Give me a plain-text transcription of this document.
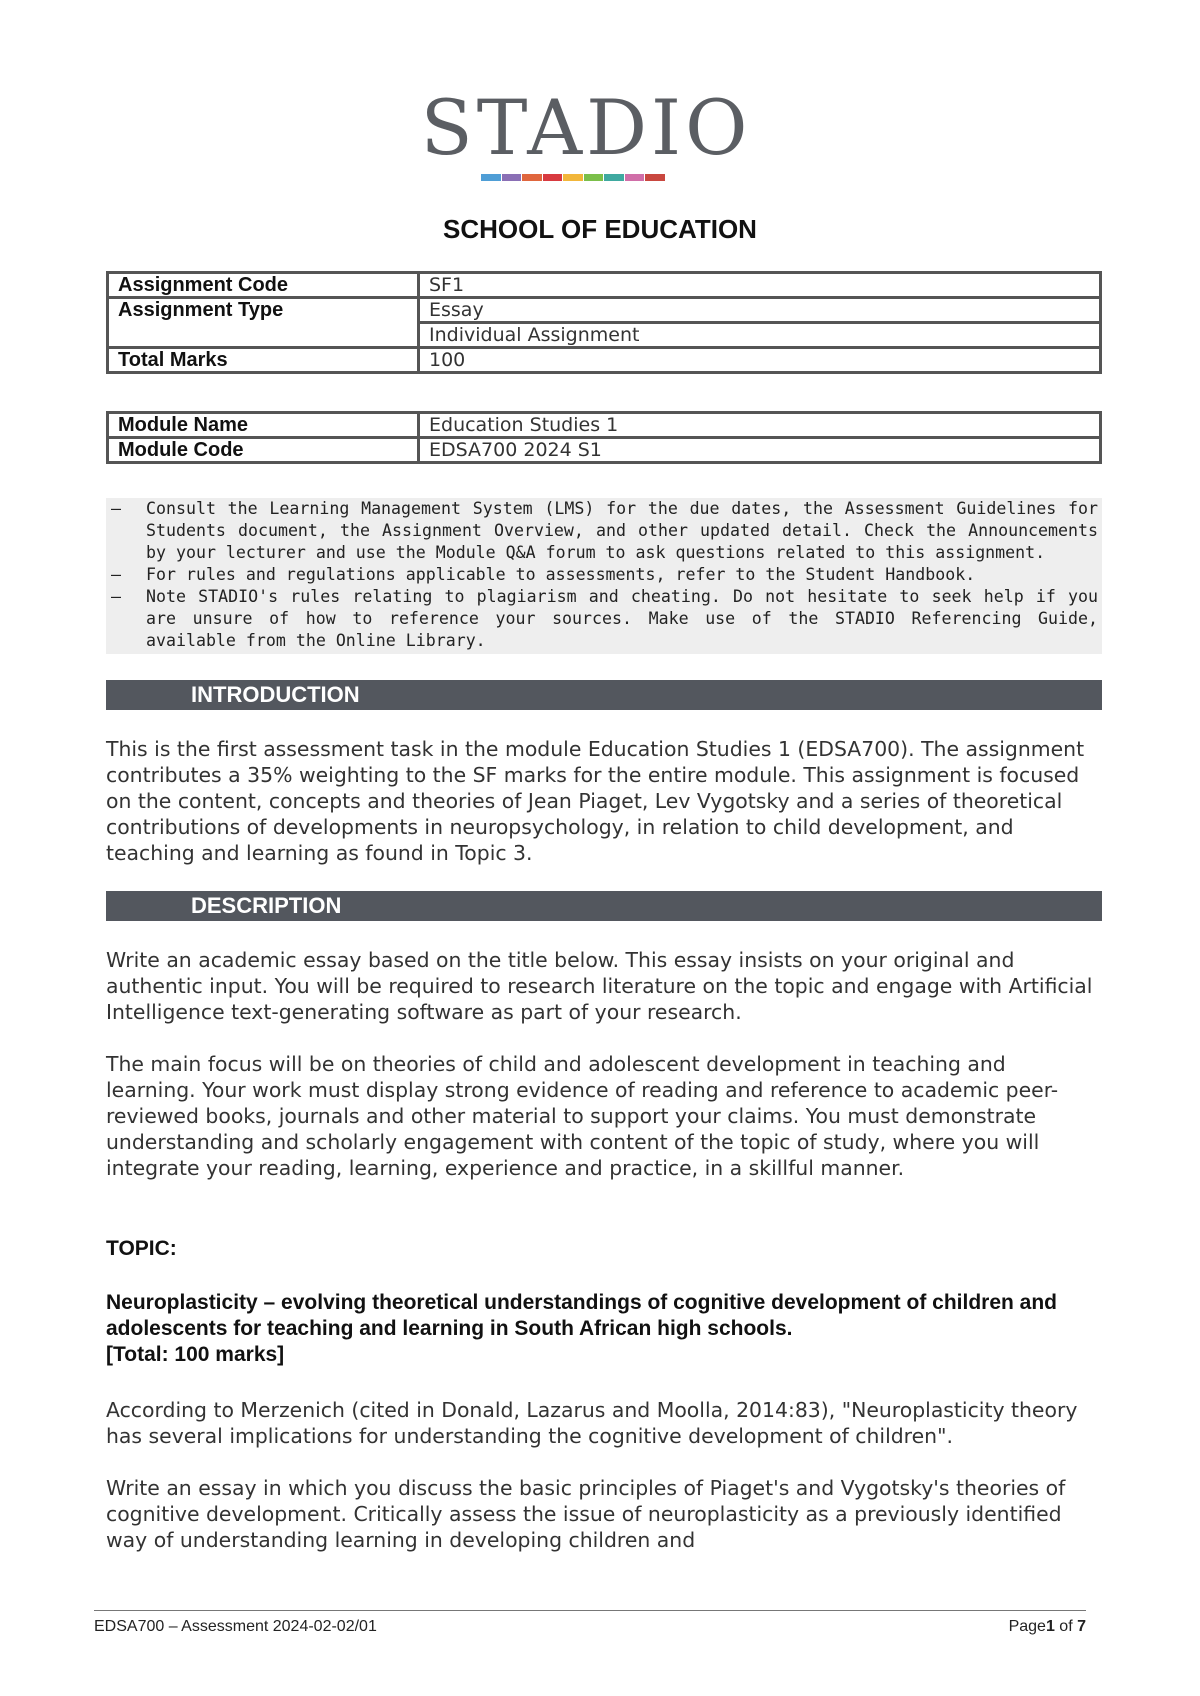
STADIO
SCHOOL OF EDUCATION
Assignment Code	SF1
Assignment Type	Essay
	Individual Assignment
Total Marks	100
Module Name	Education Studies 1
Module Code	EDSA700 2024 S1
– Consult the Learning Management System (LMS) for the due dates, the Assessment Guidelines for Students document, the Assignment Overview, and other updated detail. Check the Announcements by your lecturer and use the Module Q&A forum to ask questions related to this assignment.
– For rules and regulations applicable to assessments, refer to the Student Handbook.
– Note STADIO's rules relating to plagiarism and cheating. Do not hesitate to seek help if you are unsure of how to reference your sources. Make use of the STADIO Referencing Guide, available from the Online Library.
INTRODUCTION
This is the first assessment task in the module Education Studies 1 (EDSA700). The assignment contributes a 35% weighting to the SF marks for the entire module. This assignment is focused on the content, concepts and theories of Jean Piaget, Lev Vygotsky and a series of theoretical contributions of developments in neuropsychology, in relation to child development, and teaching and learning as found in Topic 3.
DESCRIPTION
Write an academic essay based on the title below. This essay insists on your original and authentic input. You will be required to research literature on the topic and engage with Artificial Intelligence text-generating software as part of your research.
The main focus will be on theories of child and adolescent development in teaching and learning. Your work must display strong evidence of reading and reference to academic peer-reviewed books, journals and other material to support your claims. You must demonstrate understanding and scholarly engagement with content of the topic of study, where you will integrate your reading, learning, experience and practice, in a skillful manner.
TOPIC:
Neuroplasticity – evolving theoretical understandings of cognitive development of children and adolescents for teaching and learning in South African high schools.
[Total: 100 marks]
According to Merzenich (cited in Donald, Lazarus and Moolla, 2014:83), "Neuroplasticity theory has several implications for understanding the cognitive development of children".
Write an essay in which you discuss the basic principles of Piaget's and Vygotsky's theories of cognitive development. Critically assess the issue of neuroplasticity as a previously identified way of understanding learning in developing children and
EDSA700 – Assessment 2024-02-02/01	Page1 of 7
